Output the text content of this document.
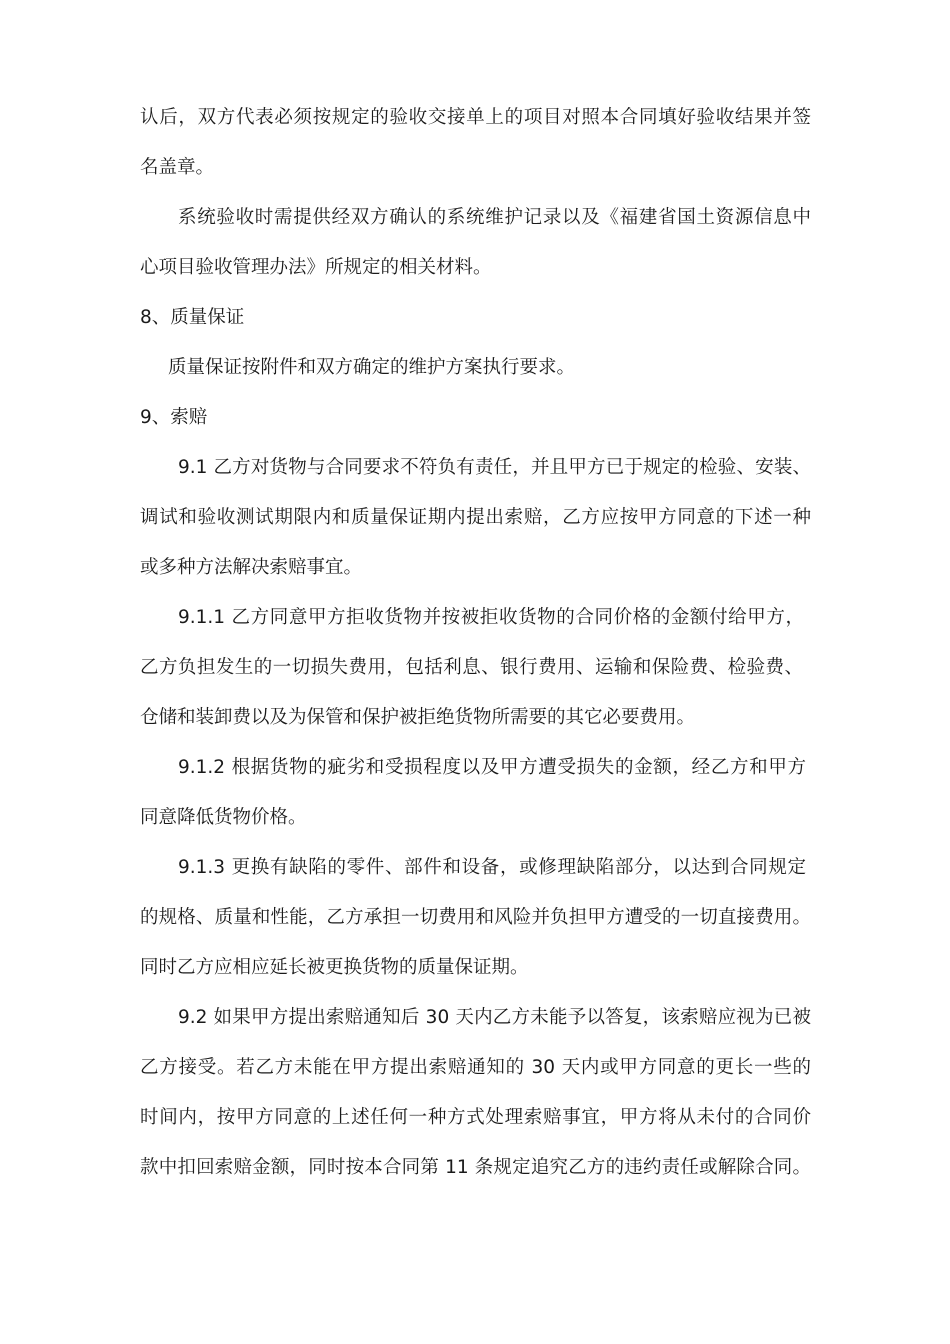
认后，双方代表必须按规定的验收交接单上的项目对照本合同填好验收结果并签
名盖章。
系统验收时需提供经双方确认的系统维护记录以及《福建省国土资源信息中
心项目验收管理办法》所规定的相关材料。
8、质量保证
质量保证按附件和双方确定的维护方案执行要求。
9、索赔
9.1 乙方对货物与合同要求不符负有责任，并且甲方已于规定的检验、安装、
调试和验收测试期限内和质量保证期内提出索赔，乙方应按甲方同意的下述一种
或多种方法解决索赔事宜。
9.1.1 乙方同意甲方拒收货物并按被拒收货物的合同价格的金额付给甲方，
乙方负担发生的一切损失费用，包括利息、银行费用、运输和保险费、检验费、
仓储和装卸费以及为保管和保护被拒绝货物所需要的其它必要费用。
9.1.2 根据货物的疵劣和受损程度以及甲方遭受损失的金额，经乙方和甲方
同意降低货物价格。
9.1.3 更换有缺陷的零件、部件和设备，或修理缺陷部分，以达到合同规定
的规格、质量和性能，乙方承担一切费用和风险并负担甲方遭受的一切直接费用。
同时乙方应相应延长被更换货物的质量保证期。
9.2 如果甲方提出索赔通知后 30 天内乙方未能予以答复，该索赔应视为已被
乙方接受。若乙方未能在甲方提出索赔通知的 30 天内或甲方同意的更长一些的
时间内，按甲方同意的上述任何一种方式处理索赔事宜，甲方将从未付的合同价
款中扣回索赔金额，同时按本合同第 11 条规定追究乙方的违约责任或解除合同。
